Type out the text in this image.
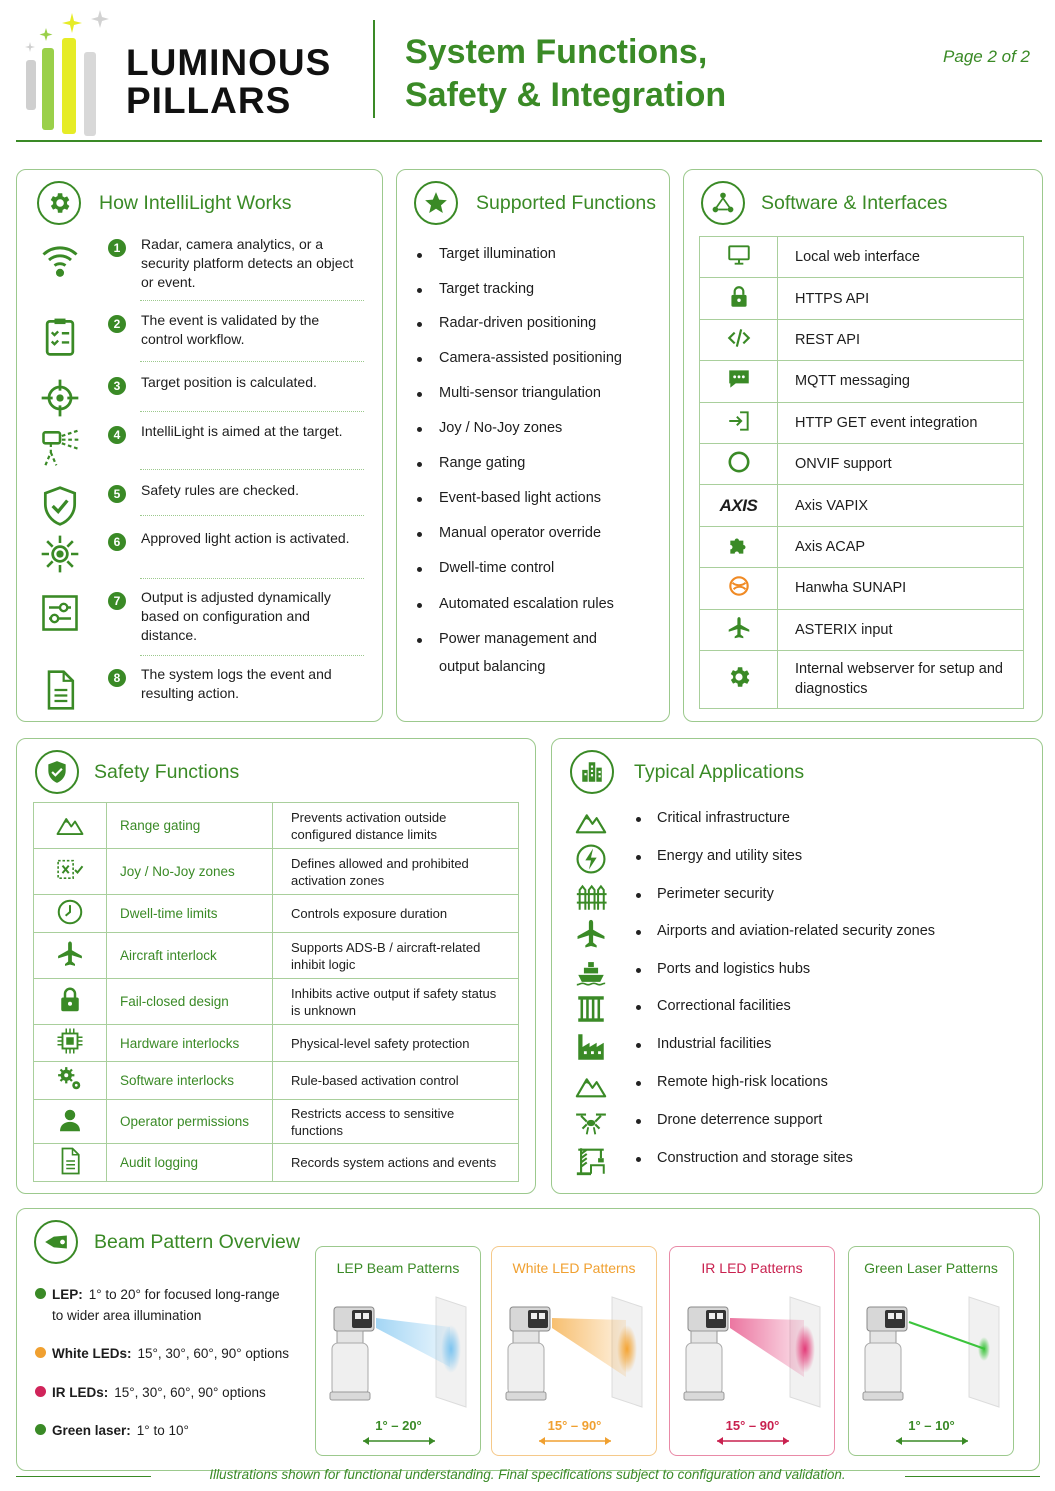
LUMINOUS
PILLARS
System Functions,
Safety & Integration
Page 2 of 2
How IntelliLight Works
1	Radar, camera analytics, or a security platform detects an object or event.
2	The event is validated by the control workflow.
3	Target position is calculated.
4	IntelliLight is aimed at the target.
5	Safety rules are checked.
6	Approved light action is activated.
7	Output is adjusted dynamically based on configuration and distance.
8	The system logs the event and resulting action.
Supported Functions
Target illumination
Target tracking
Radar-driven positioning
Camera-assisted positioning
Multi-sensor triangulation
Joy / No-Joy zones
Range gating
Event-based light actions
Manual operator override
Dwell-time control
Automated escalation rules
Power management and output balancing
Software & Interfaces
	Local web interface

	HTTPS API

	REST API

	MQTT messaging

	HTTP GET event integration

	ONVIF support
AXIS	Axis VAPIX

	Axis ACAP

	Hanwha SUNAPI

	ASTERIX input

	Internal webserver for setup and diagnostics
Safety Functions
	Range gating	Prevents activation outside configured distance limits

	Joy / No-Joy zones	Defines allowed and prohibited activation zones

	Dwell-time limits	Controls exposure duration

	Aircraft interlock	Supports ADS-B / aircraft-related inhibit logic

	Fail-closed design	Inhibits active output if safety status is unknown

	Hardware interlocks	Physical-level safety protection

	Software interlocks	Rule-based activation control

	Operator permissions	Restricts access to sensitive functions

	Audit logging	Records system actions and events
Typical Applications
Critical infrastructure
Energy and utility sites
Perimeter security
Airports and aviation-related security zones
Ports and logistics hubs
Correctional facilities
Industrial facilities
Remote high-risk locations
Drone deterrence support
Construction and storage sites
Beam Pattern Overview
LEP: 1° to 20° for focused long-range to wider area illumination
White LEDs: 15°, 30°, 60°, 90° options
IR LEDs: 15°, 30°, 60°, 90° options
Green laser: 1° to 10°
LEP Beam Patterns
1° – 20°
White LED Patterns
15° – 90°
IR LED Patterns
15° – 90°
Green Laser Patterns
1° – 10°
Illustrations shown for functional understanding. Final specifications subject to configuration and validation.
